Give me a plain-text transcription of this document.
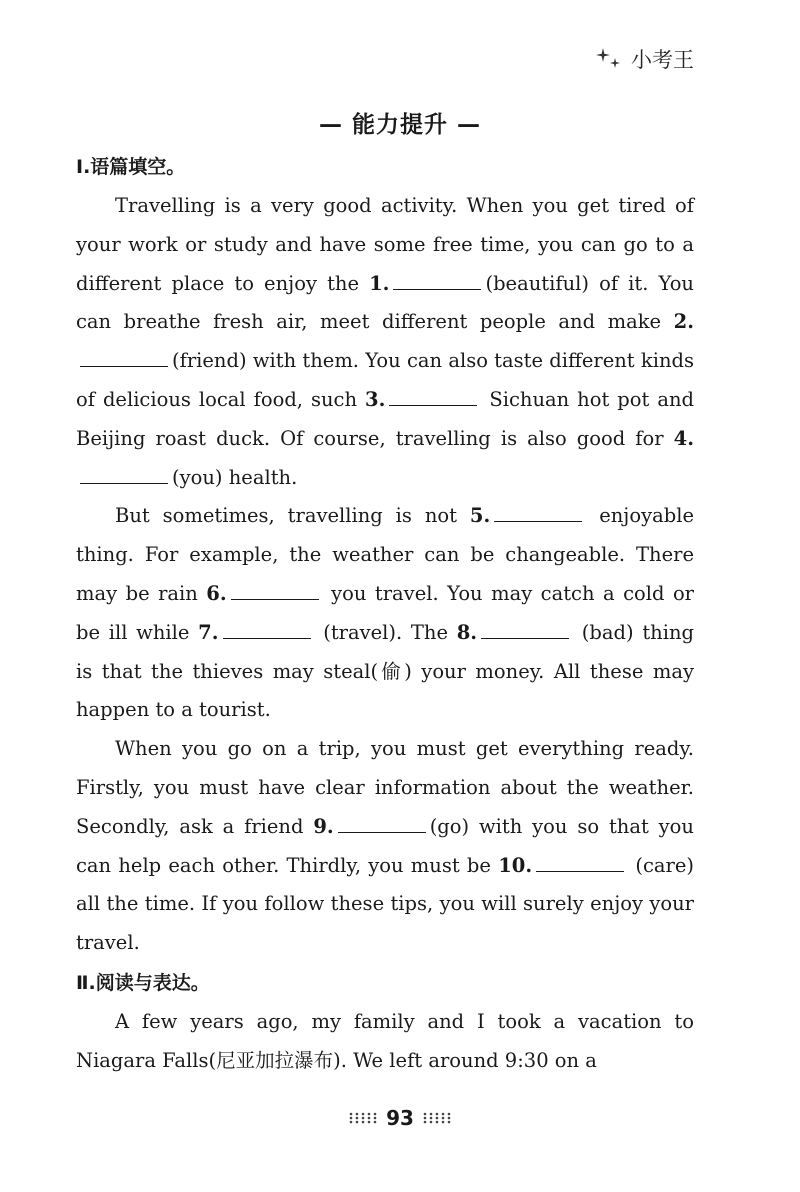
小考王
— 能力提升 —
Ⅰ.语篇填空。

Travelling is a very good activity. When you get tired of your work or study and have some free time, you can go to a different place to enjoy the 1.	(beautiful) of it. You can breathe fresh air, meet different people and make 2.(friend) with them. You can also taste different kinds of delicious local food, such 3.	Sichuan hot pot and Beijing roast duck. Of course, travelling is also good for 4.(you) health.

But sometimes, travelling is not 5.	enjoyable thing. For example, the weather can be changeable. There may be rain 6.	you travel. You may catch a cold or be ill while 7.	(travel). The 8.	(bad) thing is that the thieves may steal(偷) your money. All these may happen to a tourist.

When you go on a trip, you must get everything ready. Firstly, you must have clear information about the weather. Secondly, ask a friend 9.	(go) with you so that you can help each other. Thirdly, you must be 10.	(care) all the time. If you follow these tips, you will surely enjoy your travel.

Ⅱ.阅读与表达。

A few years ago, my family and I took a vacation to Niagara Falls(尼亚加拉瀑布). We left around 9:30 on a

93
